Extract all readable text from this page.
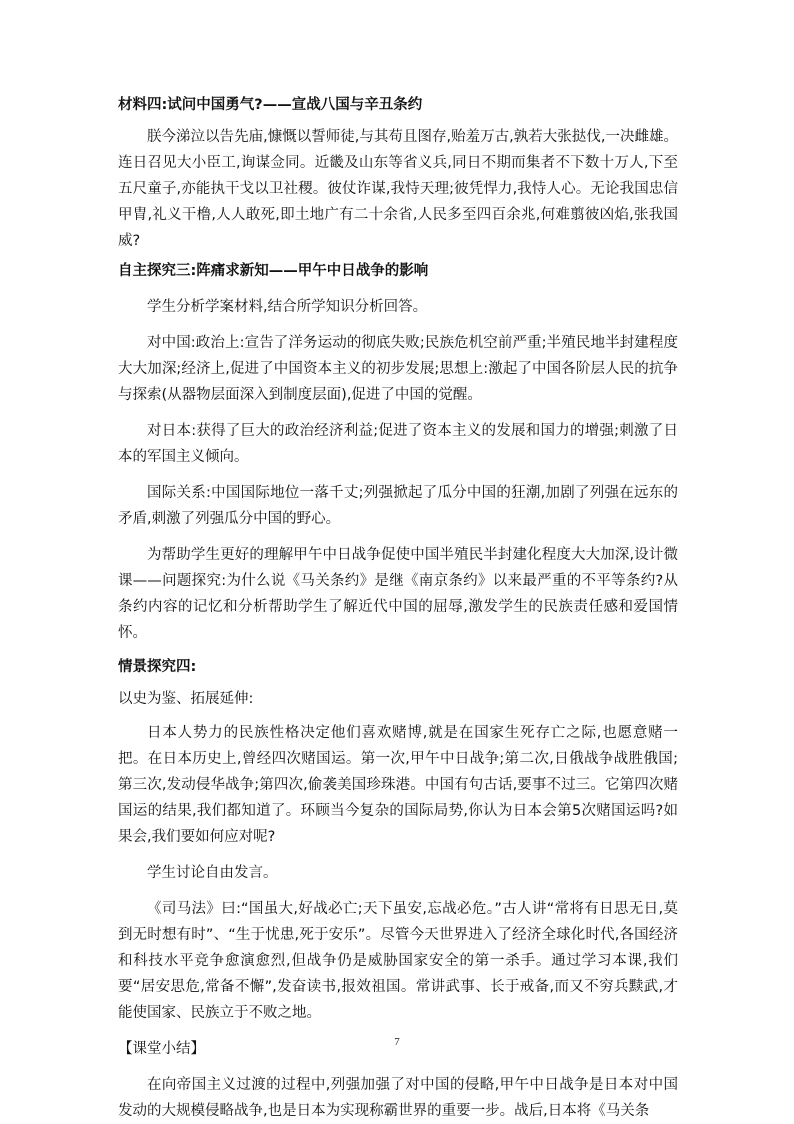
材料四:试问中国勇气?——宣战八国与辛丑条约

朕今涕泣以告先庙,慷慨以誓师徒,与其苟且图存,贻羞万古,孰若大张挞伐,一决雌雄。连日召见大小臣工,询谋佥同。近畿及山东等省义兵,同日不期而集者不下数十万人,下至五尺童子,亦能执干戈以卫社稷。彼仗诈谋,我恃天理;彼凭悍力,我恃人心。无论我国忠信甲胄,礼义干橹,人人敢死,即土地广有二十余省,人民多至四百余兆,何难翦彼凶焰,张我国威?

自主探究三:阵痛求新知——甲午中日战争的影响

学生分析学案材料,结合所学知识分析回答。

对中国:政治上:宣告了洋务运动的彻底失败;民族危机空前严重;半殖民地半封建程度大大加深;经济上,促进了中国资本主义的初步发展;思想上:激起了中国各阶层人民的抗争与探索(从器物层面深入到制度层面),促进了中国的觉醒。

对日本:获得了巨大的政治经济利益;促进了资本主义的发展和国力的增强;刺激了日本的军国主义倾向。

国际关系:中国国际地位一落千丈;列强掀起了瓜分中国的狂潮,加剧了列强在远东的矛盾,刺激了列强瓜分中国的野心。

为帮助学生更好的理解甲午中日战争促使中国半殖民半封建化程度大大加深,设计微课——问题探究:为什么说《马关条约》是继《南京条约》以来最严重的不平等条约?从条约内容的记忆和分析帮助学生了解近代中国的屈辱,激发学生的民族责任感和爱国情怀。

情景探究四:

以史为鉴、拓展延伸:

日本人势力的民族性格决定他们喜欢赌博,就是在国家生死存亡之际,也愿意赌一把。在日本历史上,曾经四次赌国运。第一次,甲午中日战争;第二次,日俄战争战胜俄国;第三次,发动侵华战争;第四次,偷袭美国珍珠港。中国有句古话,要事不过三。它第四次赌国运的结果,我们都知道了。环顾当今复杂的国际局势,你认为日本会第5次赌国运吗?如果会,我们要如何应对呢?

学生讨论自由发言。

《司马法》曰:“国虽大,好战必亡;天下虽安,忘战必危。”古人讲“常将有日思无日,莫到无时想有时”、“生于忧患,死于安乐”。尽管今天世界进入了经济全球化时代,各国经济和科技水平竞争愈演愈烈,但战争仍是威胁国家安全的第一杀手。通过学习本课,我们要“居安思危,常备不懈”,发奋读书,报效祖国。常讲武事、长于戒备,而又不穷兵黩武,才能使国家、民族立于不败之地。

【课堂小结】

在向帝国主义过渡的过程中,列强加强了对中国的侵略,甲午中日战争是日本对中国发动的大规模侵略战争,也是日本为实现称霸世界的重要一步。战后,日本将《马关条

7
